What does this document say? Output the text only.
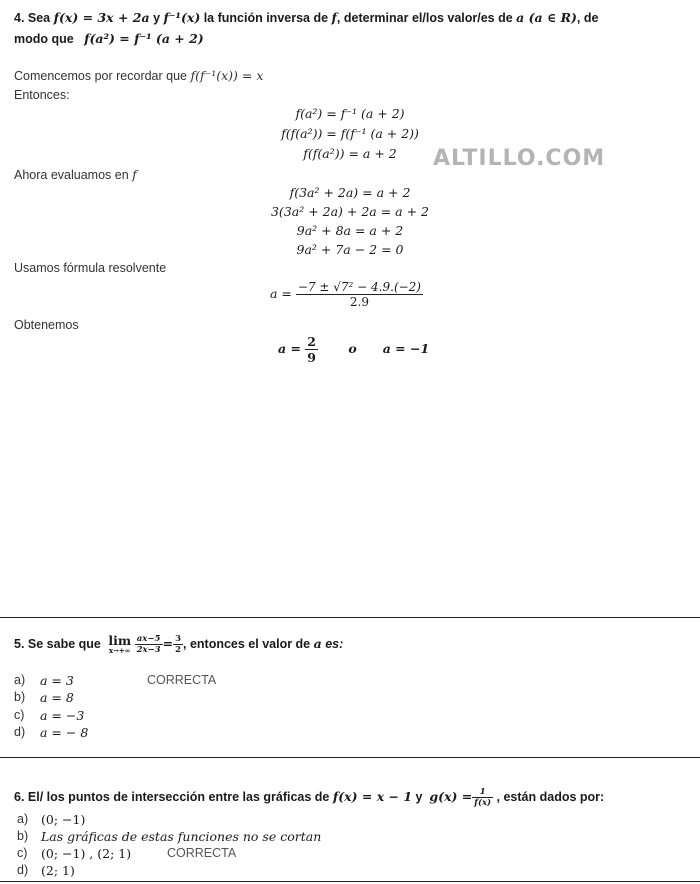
4. Sea f(x) = 3x + 2a y f⁻¹(x) la función inversa de f, determinar el/los valor/es de a (a ∈ R), de
modo que f(a²) = f⁻¹ (a + 2)
Comencemos por recordar que f(f⁻¹(x)) = x
Entonces:
f(a²) = f⁻¹ (a + 2)
f(f(a²)) = f(f⁻¹ (a + 2))
f(f(a²)) = a + 2	ALTILLO.COM
Ahora evaluamos en f
f(3a² + 2a) = a + 2
3(3a² + 2a) + 2a = a + 2
9a² + 8a = a + 2
9a² + 7a − 2 = 0
Usamos fórmula resolvente
$a = \frac{\text{−7 ± √7² − 4.9.(−2)}}{2.9}$
Obtenemos
$a = \frac{2}{9}$ o a = −1
5. Se sabe que lim
x→+∞
$\frac{ax-5}{2x-3} = \frac{3}{2}$ , entonces el valor de a es:
a) a = 3	CORRECTA
b) a = 8
c) a = −3
d) a = − 8
6. El/ los puntos de intersección entre las gráficas de f(x) = x − 1 y  $g(x) = \frac{1}{f(x)}$ , están dados por:
a) (0; −1)
b) Las gráficas de estas funciones no se cortan
c) (0; −1) , (2; 1)	CORRECTA
d) (2; 1)
